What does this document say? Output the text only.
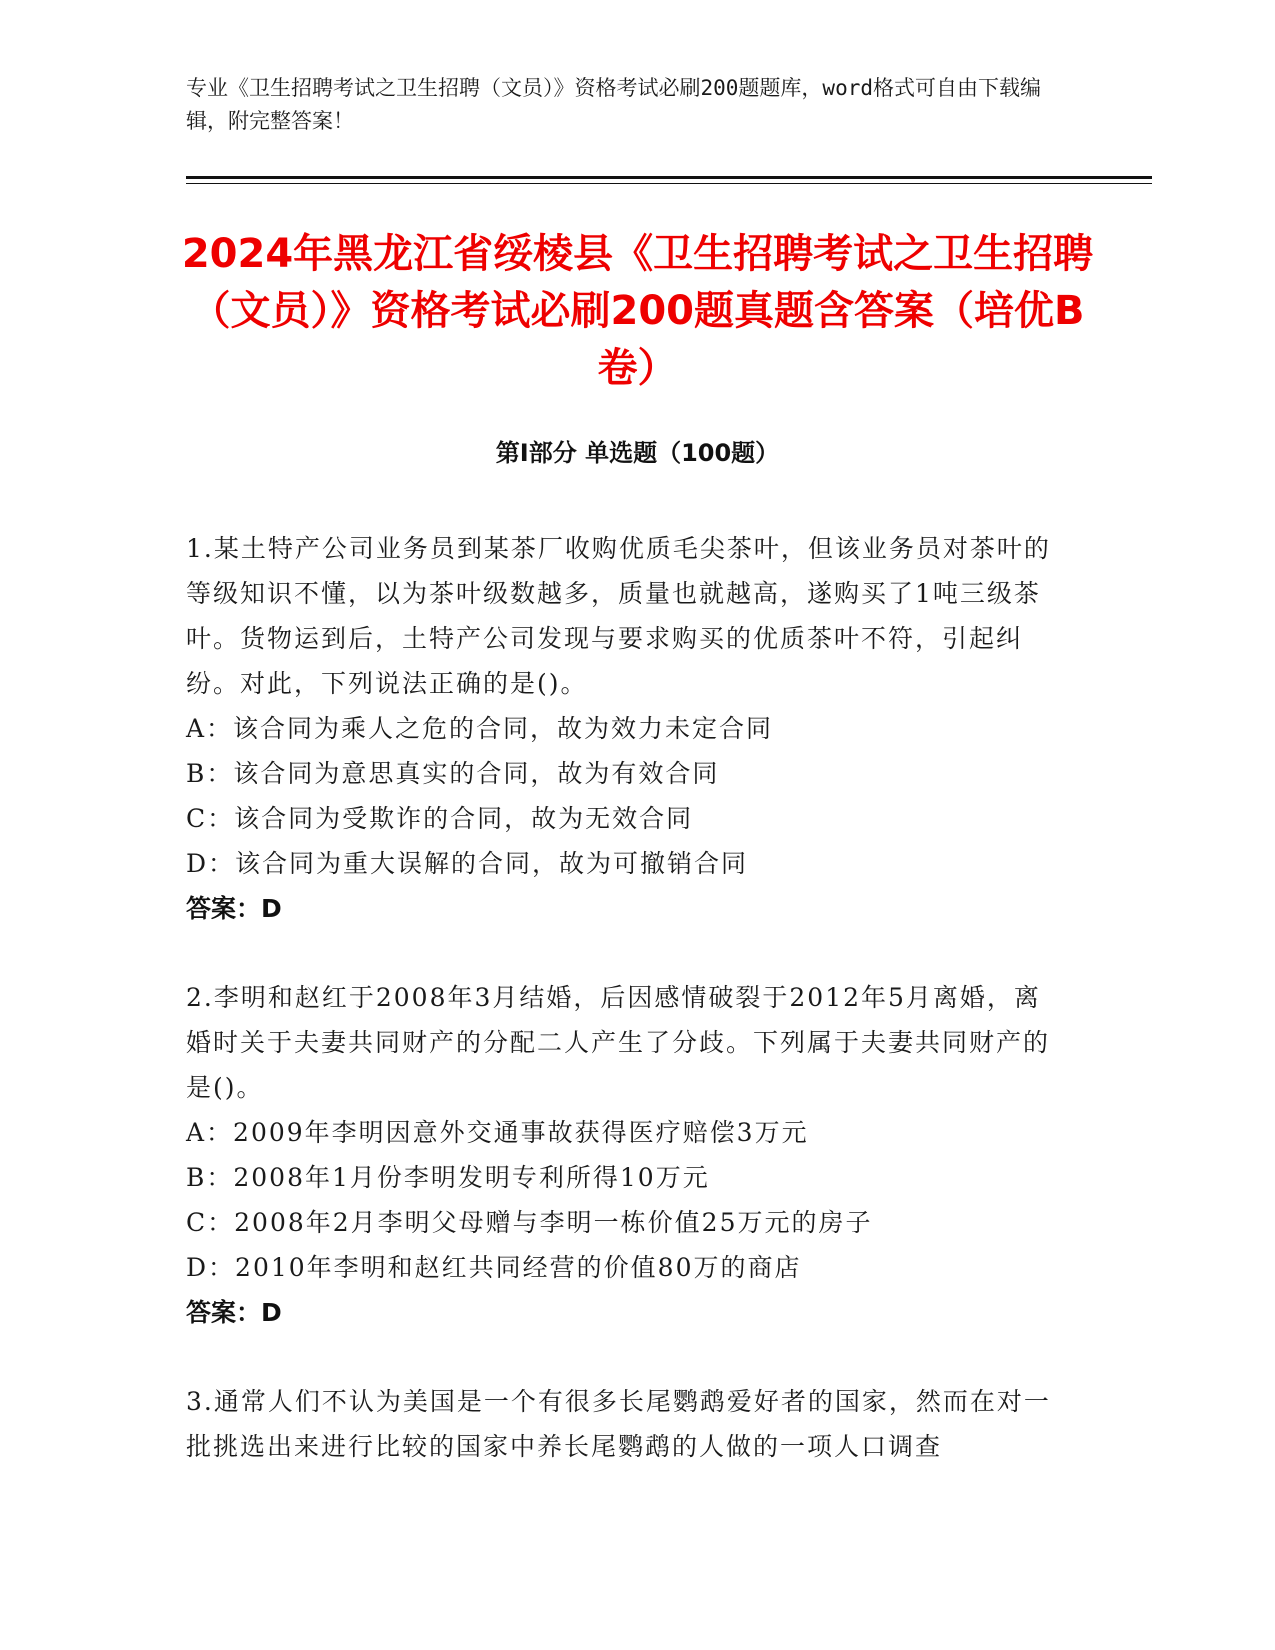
专业《卫生招聘考试之卫生招聘（文员）》资格考试必刷200题题库，word格式可自由下载编辑，附完整答案！
2024年黑龙江省绥棱县《卫生招聘考试之卫生招聘（文员）》资格考试必刷200题真题含答案（培优B卷）
第I部分 单选题（100题）

1.某土特产公司业务员到某茶厂收购优质毛尖茶叶，但该业务员对茶叶的等级知识不懂，以为茶叶级数越多，质量也就越高，遂购买了1吨三级茶叶。货物运到后，土特产公司发现与要求购买的优质茶叶不符，引起纠纷。对此，下列说法正确的是()。

A：该合同为乘人之危的合同，故为效力未定合同

B：该合同为意思真实的合同，故为有效合同

C：该合同为受欺诈的合同，故为无效合同

D：该合同为重大误解的合同，故为可撤销合同

答案：D

2.李明和赵红于2008年3月结婚，后因感情破裂于2012年5月离婚，离婚时关于夫妻共同财产的分配二人产生了分歧。下列属于夫妻共同财产的是()。

A：2009年李明因意外交通事故获得医疗赔偿3万元

B：2008年1月份李明发明专利所得10万元

C：2008年2月李明父母赠与李明一栋价值25万元的房子

D：2010年李明和赵红共同经营的价值80万的商店

答案：D

3.通常人们不认为美国是一个有很多长尾鹦鹉爱好者的国家，然而在对一批挑选出来进行比较的国家中养长尾鹦鹉的人做的一项人口调查
